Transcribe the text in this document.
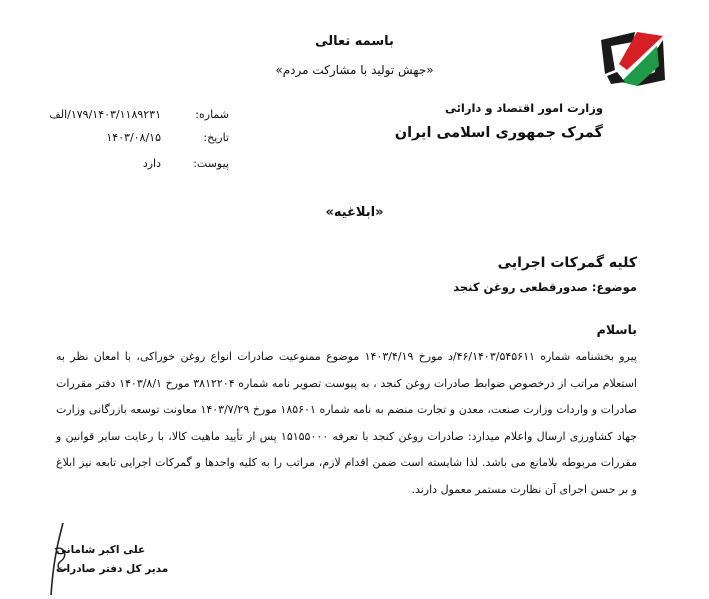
باسمه تعالی
«جهش تولید با مشارکت مردم»
وزارت امور اقتصاد و دارائی
گمرک جمهوری اسلامی ایران
شماره:
۱۷۹/۱۴۰۳/۱۱۸۹۲۳۱/الف
تاریخ:
۱۴۰۳/۰۸/۱۵
پیوست:
دارد
«ابلاغیه»
کلیه گمرکات اجرایی
موضوع: صدورقطعی روغن کنجد
باسلام
پیرو بخشنامه شماره ۴۶/۱۴۰۳/۵۴۵۶۱۱/د مورخ ۱۴۰۳/۴/۱۹ موضوع ممنوعیت صادرات انواع روغن خوراکی، با امعان نظر به استعلام مراتب از درخصوص ضوابط صادرات روغن کنجد ، به پیوست تصویر نامه شماره ۳۸۱۲۲۰۴ مورخ ۱۴۰۳/۸/۱ دفتر مقررات صادرات و واردات وزارت صنعت، معدن و تجارت منضم به نامه شماره ۱۸۵۶۰۱ مورخ ۱۴۰۳/۷/۲۹ معاونت توسعه بازرگانی وزارت جهاد کشاورزی ارسال واعلام میدارد: صادرات روغن کنجد با تعرفه ۱۵۱۵۵۰۰۰ پس از تأیید ماهیت کالا، با رعایت سایر قوانین و مقررات مربوطه بلامانع می باشد. لذا شایسته است ضمن اقدام لازم، مراتب را به کلیه واحدها و گمرکات اجرایی تابعه نیز ابلاغ و بر حسن اجرای آن نظارت مستمر معمول دارند.
علی اکبر شامانی
مدیر کل دفتر صادرات
